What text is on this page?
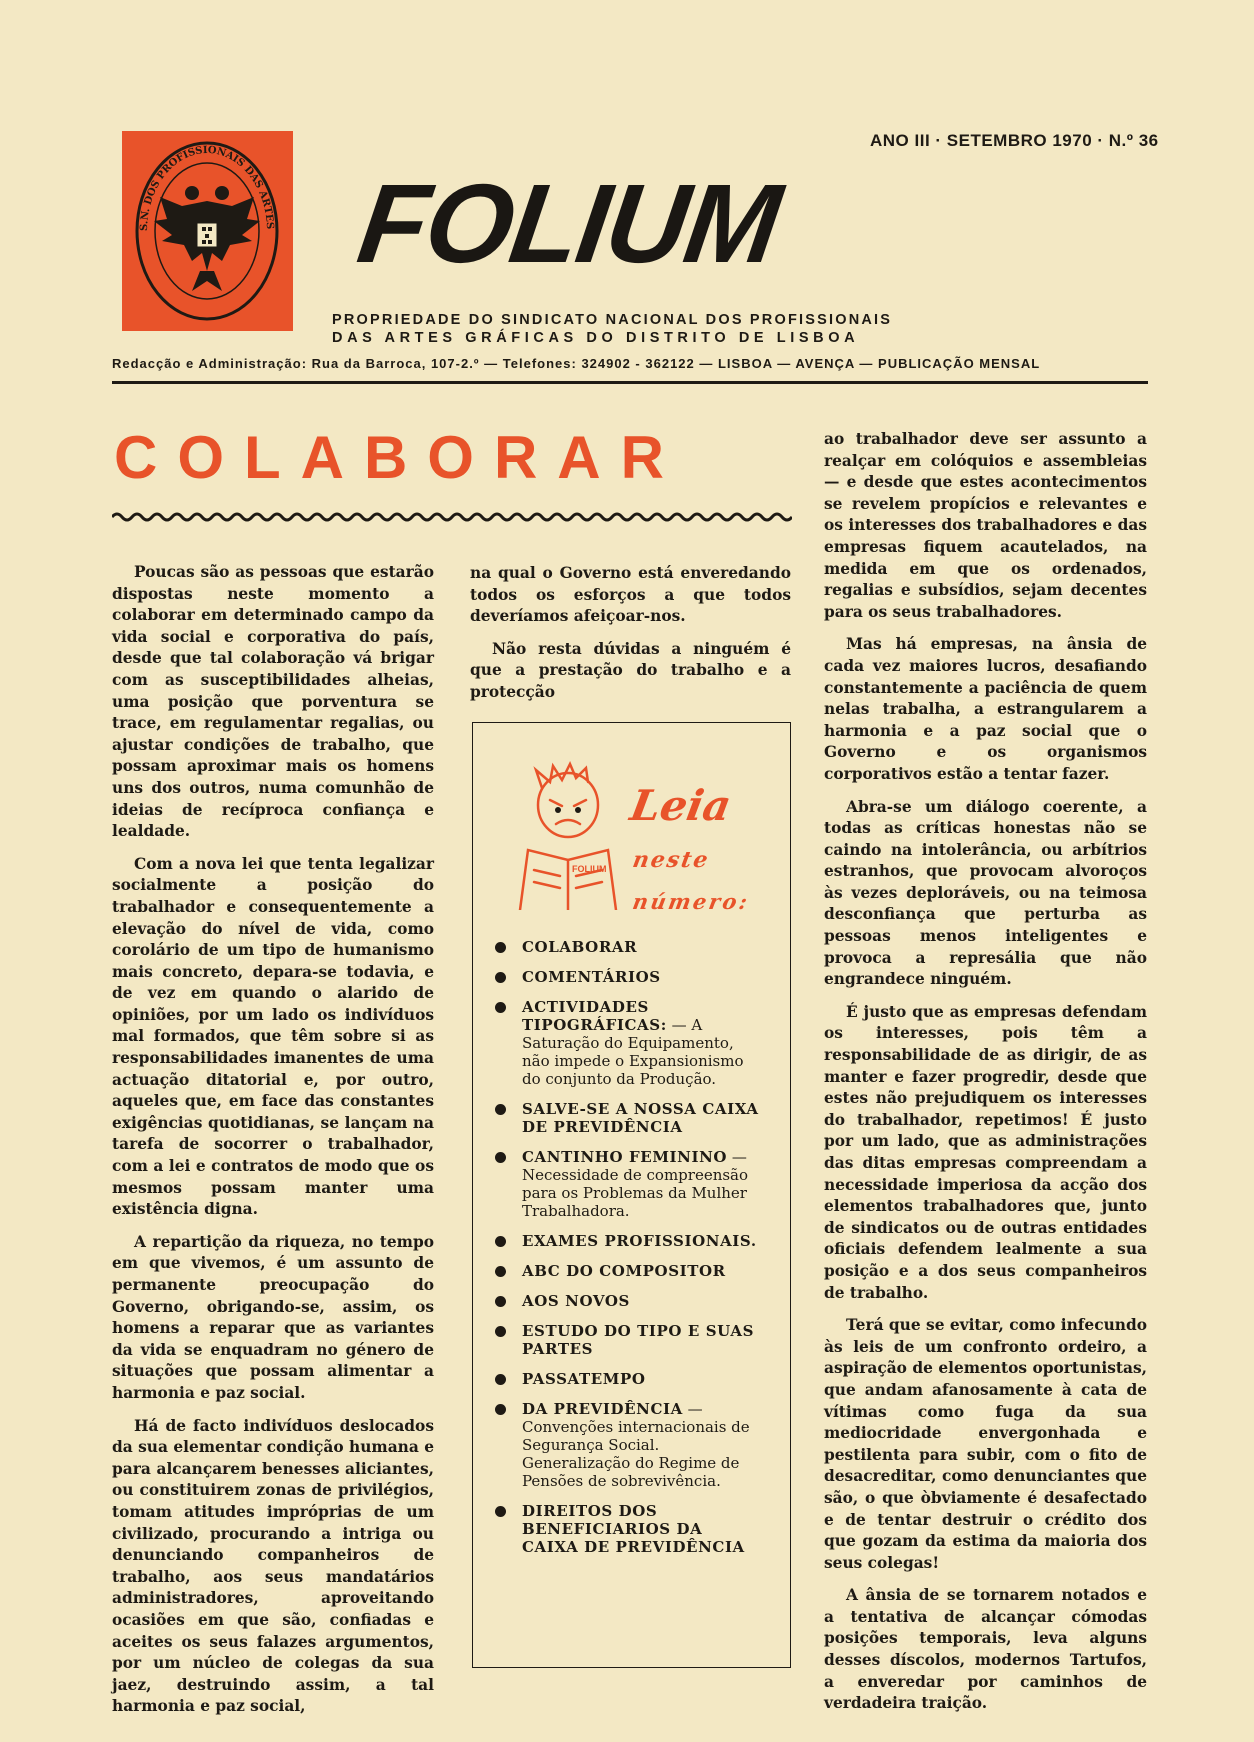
S.N. DOS PROFISSIONAIS DAS ARTES
ANO III · SETEMBRO 1970 · N.º 36
FOLIUM
PROPRIEDADE DO SINDICATO NACIONAL DOS PROFISSIONAIS
DAS ARTES GRÁFICAS DO DISTRITO DE LISBOA
Redacção e Administração: Rua da Barroca, 107-2.º — Telefones: 324902 - 362122 — LISBOA — AVENÇA — PUBLICAÇÃO MENSAL
COLABORAR

Poucas são as pessoas que estarão dispostas neste momento a colaborar em determinado campo da vida social e corporativa do país, desde que tal colaboração vá brigar com as susceptibilidades alheias, uma posição que porventura se trace, em regulamentar regalias, ou ajustar condições de trabalho, que possam aproximar mais os homens uns dos outros, numa comunhão de ideias de recíproca confiança e lealdade.

Com a nova lei que tenta legalizar socialmente a posição do trabalhador e consequentemente a elevação do nível de vida, como corolário de um tipo de humanismo mais concreto, depara-se todavia, e de vez em quando o alarido de opiniões, por um lado os indivíduos mal formados, que têm sobre si as responsabilidades imanentes de uma actuação ditatorial e, por outro, aqueles que, em face das constantes exigências quotidianas, se lançam na tarefa de socorrer o trabalhador, com a lei e contratos de modo que os mesmos possam manter uma existência digna.

A repartição da riqueza, no tempo em que vivemos, é um assunto de permanente preocupação do Governo, obrigando-se, assim, os homens a reparar que as variantes da vida se enquadram no género de situações que possam alimentar a harmonia e paz social.

Há de facto indivíduos deslocados da sua elementar condição humana e para alcançarem benesses aliciantes, ou constituirem zonas de privilégios, tomam atitudes impróprias de um civilizado, procurando a intriga ou denunciando companheiros de trabalho, aos seus mandatários administradores, aproveitando ocasiões em que são, confiadas e aceites os seus falazes argumentos, por um núcleo de colegas da sua jaez, destruindo assim, a tal harmonia e paz social,

na qual o Governo está enveredando todos os esforços a que todos deveríamos afeiçoar-nos.

Não resta dúvidas a ninguém é que a prestação do trabalho e a protecção

FOLIUM
Leia
neste
número:
COLABORAR
COMENTÁRIOS
ACTIVIDADES TIPOGRÁFICAS: — A Saturação do Equipamento, não impede o Expansionismo do conjunto da Produção.
SALVE-SE A NOSSA CAIXA DE PREVIDÊNCIA
CANTINHO FEMININO — Necessidade de compreensão para os Problemas da Mulher Trabalhadora.
EXAMES PROFISSIONAIS.
ABC DO COMPOSITOR
AOS NOVOS
ESTUDO DO TIPO E SUAS PARTES
PASSATEMPO
DA PREVIDÊNCIA — Convenções internacionais de Segurança Social. Generalização do Regime de Pensões de sobrevivência.
DIREITOS DOS BENEFICIARIOS DA CAIXA DE PREVIDÊNCIA

ao trabalhador deve ser assunto a realçar em colóquios e assembleias — e desde que estes acontecimentos se revelem propícios e relevantes e os interesses dos trabalhadores e das empresas fiquem acautelados, na medida em que os ordenados, regalias e subsídios, sejam decentes para os seus trabalhadores.

Mas há empresas, na ânsia de cada vez maiores lucros, desafiando constantemente a paciência de quem nelas trabalha, a estrangularem a harmonia e a paz social que o Governo e os organismos corporativos estão a tentar fazer.

Abra-se um diálogo coerente, a todas as críticas honestas não se caindo na intolerância, ou arbítrios estranhos, que provocam alvoroços às vezes deploráveis, ou na teimosa desconfiança que perturba as pessoas menos inteligentes e provoca a represália que não engrandece ninguém.

É justo que as empresas defendam os interesses, pois têm a responsabilidade de as dirigir, de as manter e fazer progredir, desde que estes não prejudiquem os interesses do trabalhador, repetimos! É justo por um lado, que as administrações das ditas empresas compreendam a necessidade imperiosa da acção dos elementos trabalhadores que, junto de sindicatos ou de outras entidades oficiais defendem lealmente a sua posição e a dos seus companheiros de trabalho.

Terá que se evitar, como infecundo às leis de um confronto ordeiro, a aspiração de elementos oportunistas, que andam afanosamente à cata de vítimas como fuga da sua mediocridade envergonhada e pestilenta para subir, com o fito de desacreditar, como denunciantes que são, o que òbviamente é desafectado e de tentar destruir o crédito dos que gozam da estima da maioria dos seus colegas!

A ânsia de se tornarem notados e a tentativa de alcançar cómodas posições temporais, leva alguns desses díscolos, modernos Tartufos, a enveredar por caminhos de verdadeira traição.
